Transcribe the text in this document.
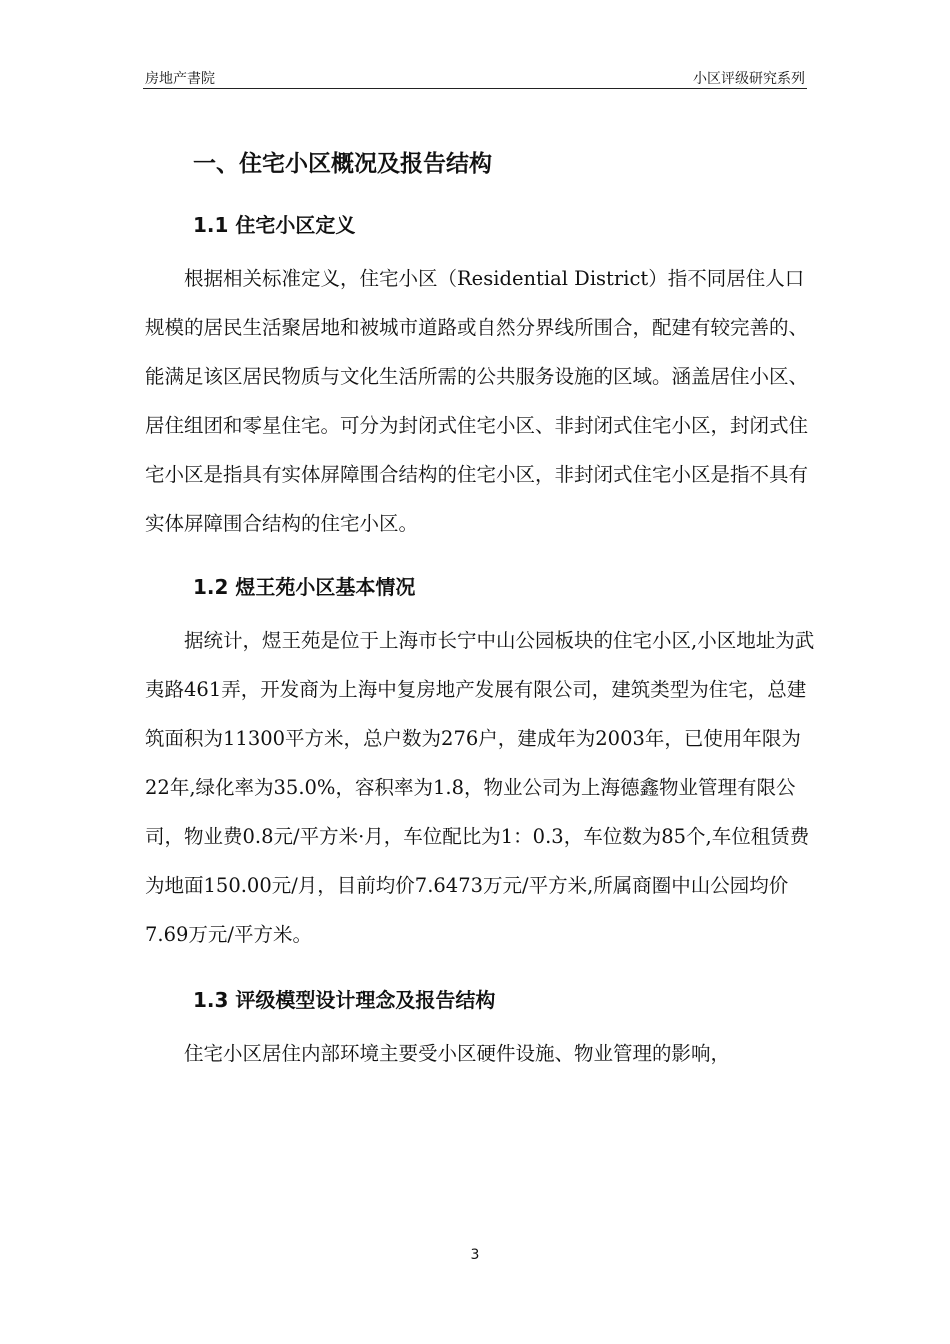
房地产書院	小区评级研究系列
一、住宅小区概况及报告结构
1.1 住宅小区定义

根据相关标准定义，住宅小区（Residential District）指不同居住人口规模的居民生活聚居地和被城市道路或自然分界线所围合，配建有较完善的、能满足该区居民物质与文化生活所需的公共服务设施的区域。涵盖居住小区、居住组团和零星住宅。可分为封闭式住宅小区、非封闭式住宅小区，封闭式住宅小区是指具有实体屏障围合结构的住宅小区，非封闭式住宅小区是指不具有实体屏障围合结构的住宅小区。

1.2 煜王苑小区基本情况

据统计，煜王苑是位于上海市长宁中山公园板块的住宅小区,小区地址为武夷路461弄，开发商为上海中复房地产发展有限公司，建筑类型为住宅，总建筑面积为11300平方米，总户数为276户，建成年为2003年，已使用年限为22年,绿化率为35.0%，容积率为1.8，物业公司为上海德鑫物业管理有限公司，物业费0.8元/平方米·月，车位配比为1：0.3，车位数为85个,车位租赁费为地面150.00元/月，目前均价7.6473万元/平方米,所属商圈中山公园均价7.69万元/平方米。

1.3 评级模型设计理念及报告结构

住宅小区居住内部环境主要受小区硬件设施、物业管理的影响，

3
